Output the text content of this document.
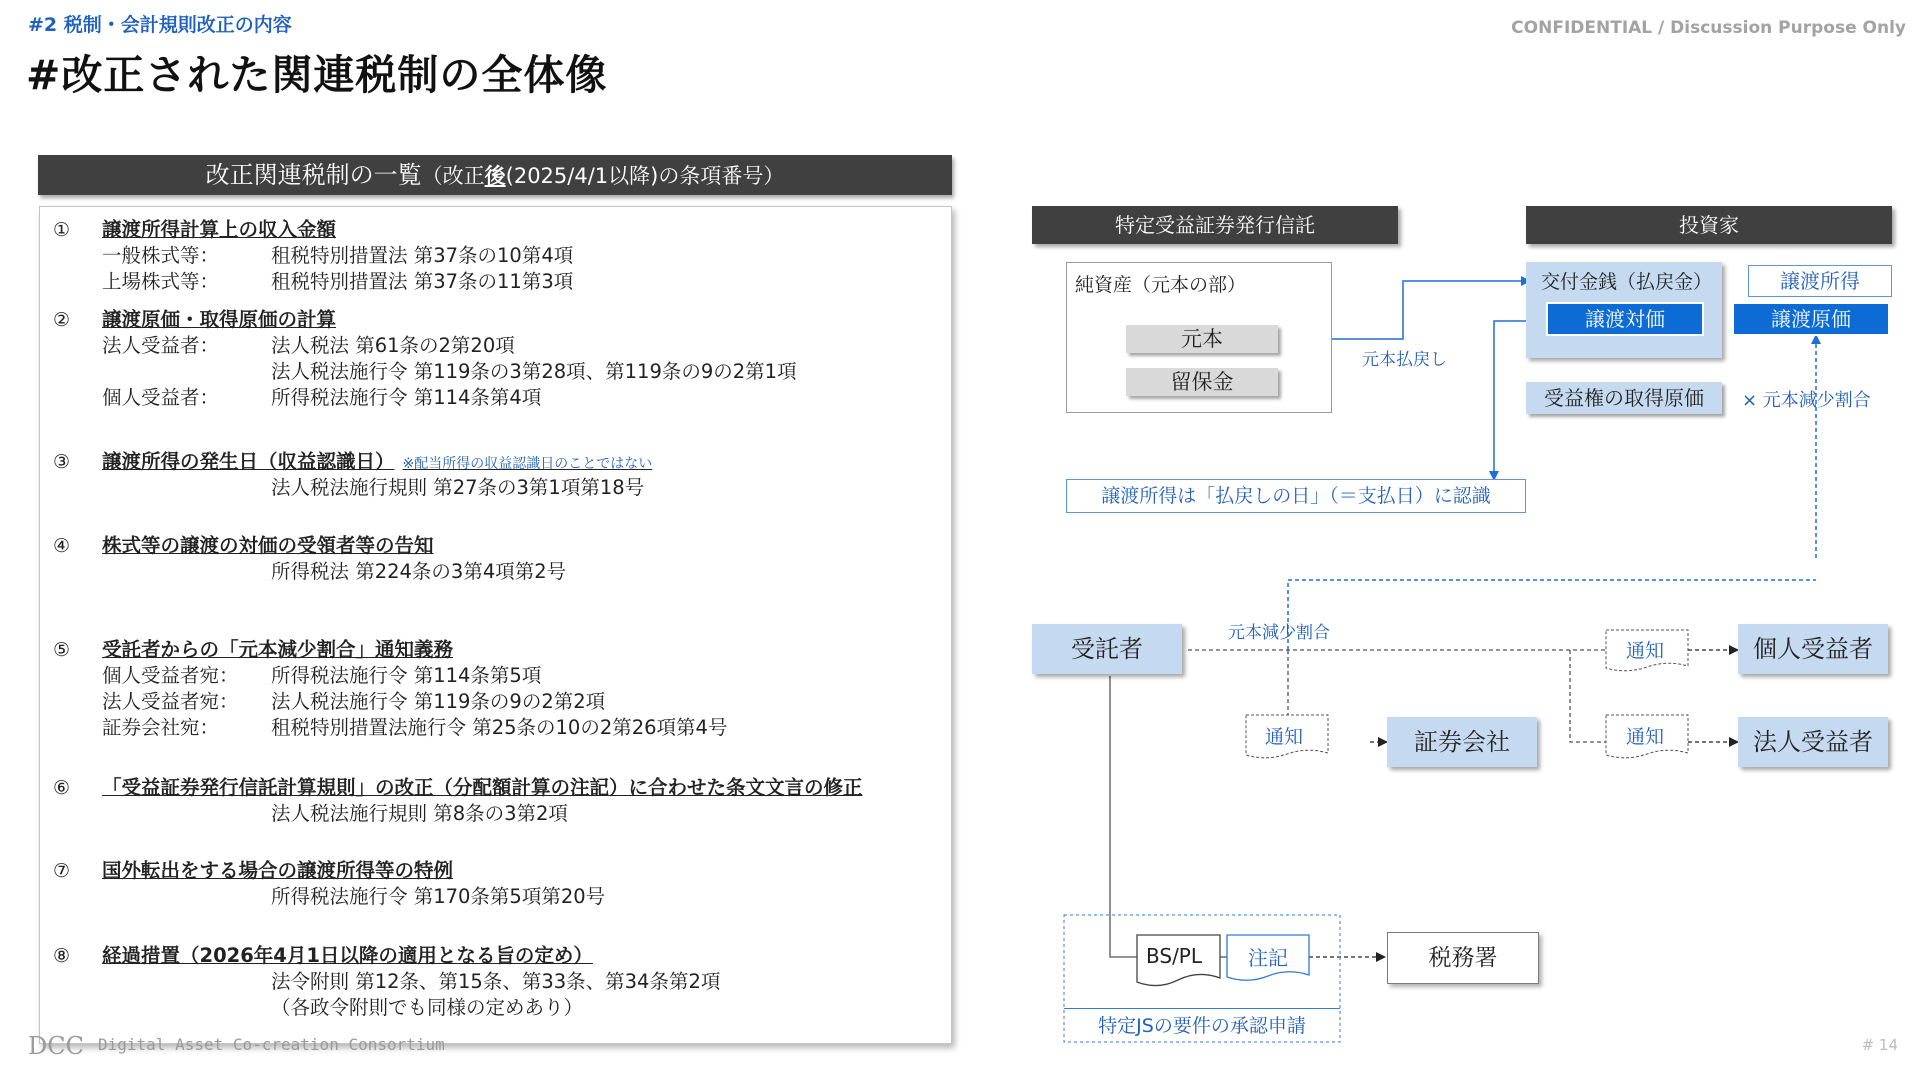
#2 税制・会計規則改正の内容
#改正された関連税制の全体像
CONFIDENTIAL / Discussion Purpose Only
改正関連税制の一覧（改正後(2025/4/1以降)の条項番号）
① 譲渡所得計算上の収入金額
一般株式等：	租税特別措置法 第37条の10第4項
上場株式等：	租税特別措置法 第37条の11第3項
② 譲渡原価・取得原価の計算
法人受益者：	法人税法 第61条の2第20項
法人税法施行令 第119条の3第28項、第119条の9の2第1項
個人受益者：	所得税法施行令 第114条第4項
③ 譲渡所得の発生日（収益認識日） ※配当所得の収益認識日のことではない
法人税法施行規則 第27条の3第1項第18号
④ 株式等の譲渡の対価の受領者等の告知
所得税法 第224条の3第4項第2号
⑤ 受託者からの「元本減少割合」通知義務
個人受益者宛： 所得税法施行令 第114条第5項
法人受益者宛： 法人税法施行令 第119条の9の2第2項
証券会社宛：	租税特別措置法施行令 第25条の10の2第26項第4号
⑥ 「受益証券発行信託計算規則」の改正（分配額計算の注記）に合わせた条文文言の修正
法人税法施行規則 第8条の3第2項
⑦ 国外転出をする場合の譲渡所得等の特例
所得税法施行令 第170条第5項第20号
⑧ 経過措置（2026年4月1日以降の適用となる旨の定め）
法令附則 第12条、第15条、第33条、第34条第2項
（各政令附則でも同様の定めあり）
特定受益証券発行信託	投資家
純資産（元本の部）
元本
留保金
元本払戻し
交付金銭（払戻金）
譲渡対価
譲渡所得
譲渡原価
受益権の取得原価	× 元本減少割合
譲渡所得は「払戻しの日」（＝支払日）に認識
受託者
元本減少割合
通知
通知	通知
個人受益者
法人受益者
証券会社
BS/PL 注記	税務署
特定JSの要件の承認申請
DCC Digital Asset Co-creation Consortium	# 14
